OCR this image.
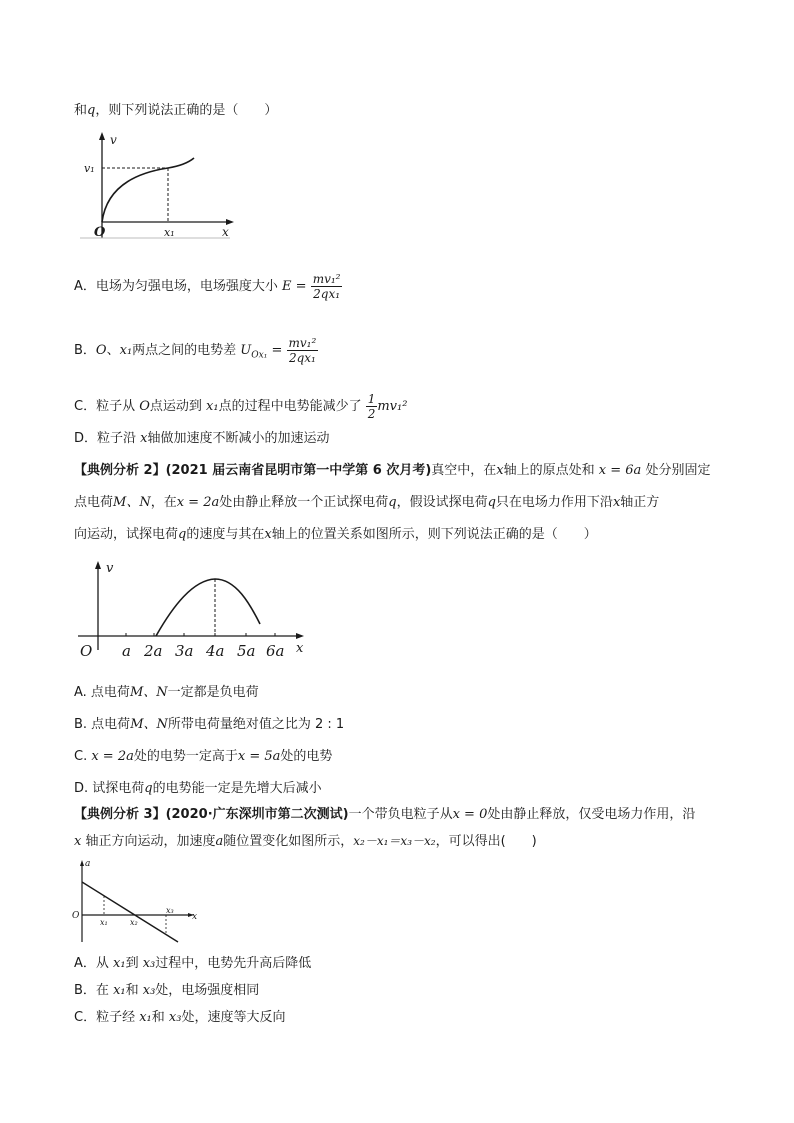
和q，则下列说法正确的是（　　）
v
v₁
O	x₁	x
A．电场为匀强电场，电场强度大小 $E = \frac{\text{mv₁²}}{\text{2qx₁}}$
B．O、x₁两点之间的电势差 $U_{Ox_1} = \frac{\text{mv₁²}}{\text{2qx₁}}$
C．粒子从 O点运动到 x₁点的过程中电势能减少了 $\frac{1}{2} mv_1^2$
D．粒子沿 x轴做加速度不断减小的加速运动
【典例分析 2】(2021 届云南省昆明市第一中学第 6 次月考)真空中，在x轴上的原点处和 x = 6a 处分别固定
点电荷M、N，在x = 2a处由静止释放一个正试探电荷q，假设试探电荷q只在电场力作用下沿x轴正方
向运动，试探电荷q的速度与其在x轴上的位置关系如图所示，则下列说法正确的是（　　）
v
O a 2a 3a 4a 5a 6a x
A. 点电荷M、N一定都是负电荷
B. 点电荷M、N所带电荷量绝对值之比为 2 : 1
C. x = 2a处的电势一定高于x = 5a处的电势
D. 试探电荷q的电势能一定是先增大后减小
【典例分析 3】(2020·广东深圳市第二次测试)一个带负电粒子从x = 0处由静止释放，仅受电场力作用，沿
x 轴正方向运动，加速度a随位置变化如图所示，x₂－x₁＝x₃－x₂，可以得出(　　)
a
O
x₁	x₂
x₃
x
A．从 x₁到 x₃过程中，电势先升高后降低
B．在 x₁和 x₃处，电场强度相同
C．粒子经 x₁和 x₃处，速度等大反向
